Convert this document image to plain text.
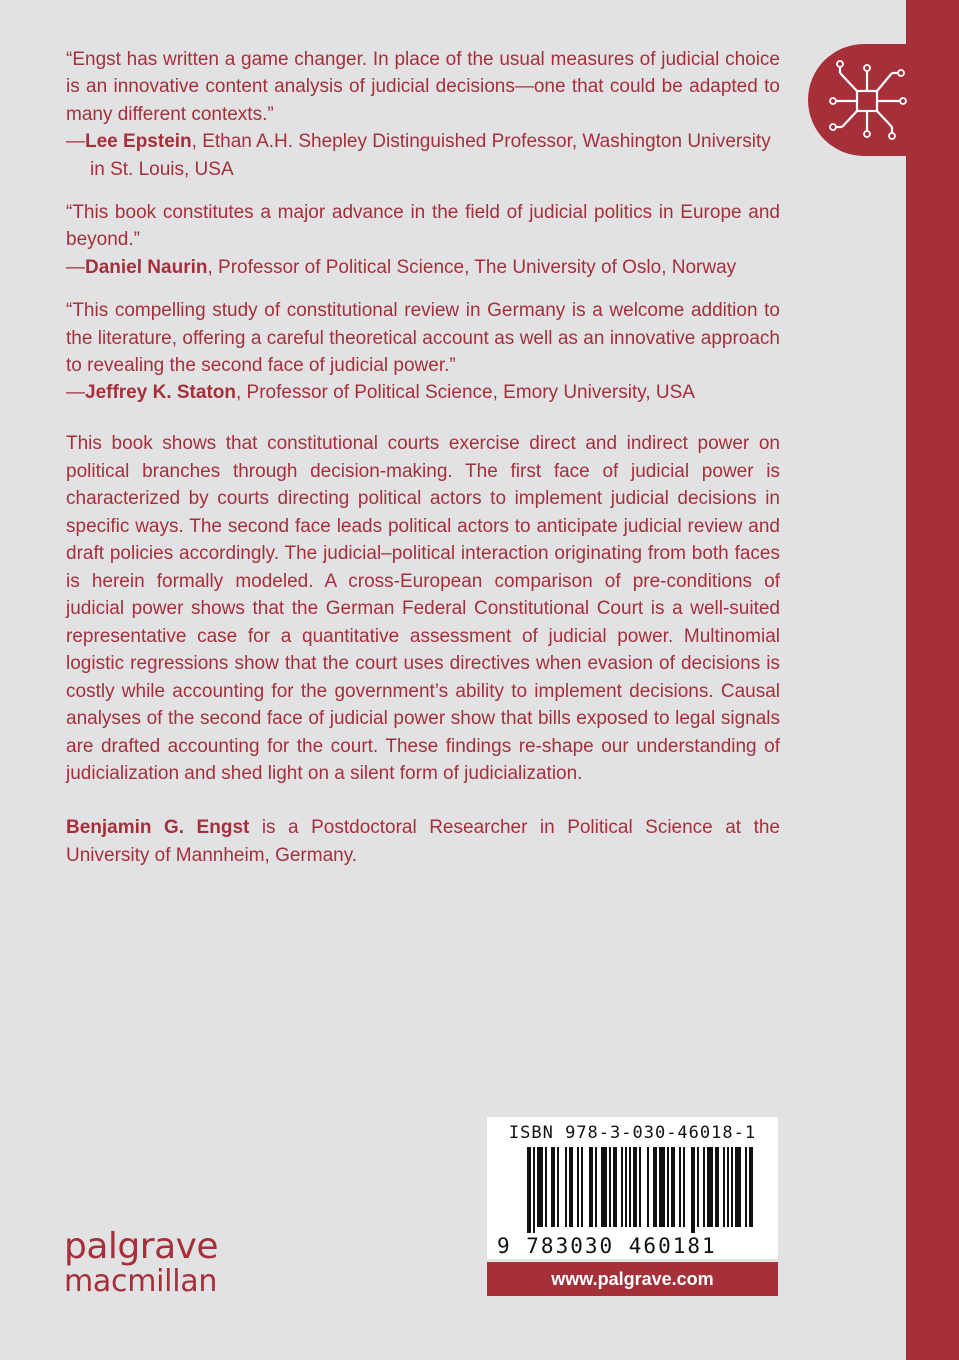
“Engst has written a game changer. In place of the usual measures of judicial choice is an innovative content analysis of judicial decisions—one that could be adapted to many different contexts.”

—Lee Epstein, Ethan A.H. Shepley Distinguished Professor, Washington University in St. Louis, USA

“This book constitutes a major advance in the field of judicial politics in Europe and beyond.”

—Daniel Naurin, Professor of Political Science, The University of Oslo, Norway

“This compelling study of constitutional review in Germany is a welcome addition to the literature, offering a careful theoretical account as well as an innovative approach to revealing the second face of judicial power.”

—Jeffrey K. Staton, Professor of Political Science, Emory University, USA

This book shows that constitutional courts exercise direct and indirect power on political branches through decision-making. The first face of judicial power is characterized by courts directing political actors to implement judicial decisions in specific ways. The second face leads political actors to anticipate judicial review and draft policies accordingly. The judicial–political interaction originating from both faces is herein formally modeled. A cross-European comparison of pre-conditions of judicial power shows that the German Federal Constitutional Court is a well-suited representative case for a quantitative assessment of judicial power. Multinomial logistic regressions show that the court uses directives when evasion of decisions is costly while accounting for the government’s ability to implement decisions. Causal analyses of the second face of judicial power show that bills exposed to legal signals are drafted accounting for the court. These findings re-shape our understanding of judicialization and shed light on a silent form of judicialization.

Benjamin G. Engst is a Postdoctoral Researcher in Political Science at the University of Mannheim, Germany.

palgrave
macmillan
ISBN 978-3-030-46018-1
9 783030 460181
www.palgrave.com
